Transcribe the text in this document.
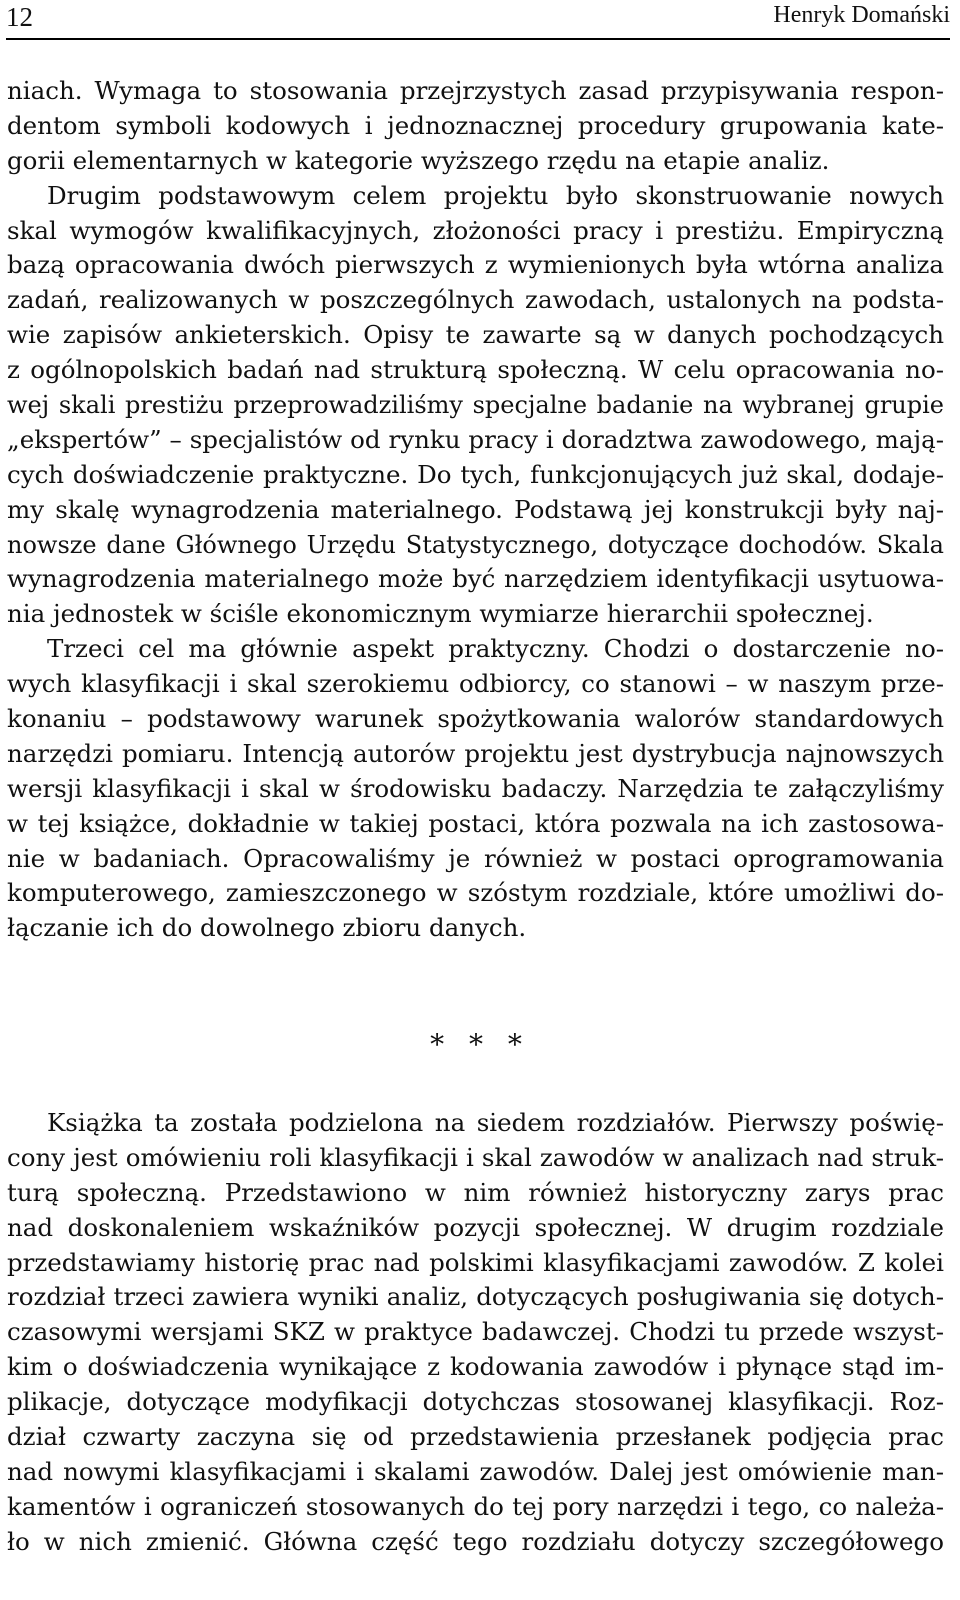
12	Henryk Domański
niach. Wymaga to stosowania przejrzystych zasad przypisywania respon-
dentom symboli kodowych i jednoznacznej procedury grupowania kate-
gorii elementarnych w kategorie wyższego rzędu na etapie analiz.
Drugim podstawowym celem projektu było skonstruowanie nowych
skal wymogów kwalifikacyjnych, złożoności pracy i prestiżu. Empiryczną
bazą opracowania dwóch pierwszych z wymienionych była wtórna analiza
zadań, realizowanych w poszczególnych zawodach, ustalonych na podsta-
wie zapisów ankieterskich. Opisy te zawarte są w danych pochodzących
z ogólnopolskich badań nad strukturą społeczną. W celu opracowania no-
wej skali prestiżu przeprowadziliśmy specjalne badanie na wybranej grupie
„ekspertów” – specjalistów od rynku pracy i doradztwa zawodowego, mają-
cych doświadczenie praktyczne. Do tych, funkcjonujących już skal, dodaje-
my skalę wynagrodzenia materialnego. Podstawą jej konstrukcji były naj-
nowsze dane Głównego Urzędu Statystycznego, dotyczące dochodów. Skala
wynagrodzenia materialnego może być narzędziem identyfikacji usytuowa-
nia jednostek w ściśle ekonomicznym wymiarze hierarchii społecznej.
Trzeci cel ma głównie aspekt praktyczny. Chodzi o dostarczenie no-
wych klasyfikacji i skal szerokiemu odbiorcy, co stanowi – w naszym prze-
konaniu – podstawowy warunek spożytkowania walorów standardowych
narzędzi pomiaru. Intencją autorów projektu jest dystrybucja najnowszych
wersji klasyfikacji i skal w środowisku badaczy. Narzędzia te załączyliśmy
w tej książce, dokładnie w takiej postaci, która pozwala na ich zastosowa-
nie w badaniach. Opracowaliśmy je również w postaci oprogramowania
komputerowego, zamieszczonego w szóstym rozdziale, które umożliwi do-
łączanie ich do dowolnego zbioru danych.
* * *
Książka ta została podzielona na siedem rozdziałów. Pierwszy poświę-
cony jest omówieniu roli klasyfikacji i skal zawodów w analizach nad struk-
turą społeczną. Przedstawiono w nim również historyczny zarys prac
nad doskonaleniem wskaźników pozycji społecznej. W drugim rozdziale
przedstawiamy historię prac nad polskimi klasyfikacjami zawodów. Z kolei
rozdział trzeci zawiera wyniki analiz, dotyczących posługiwania się dotych-
czasowymi wersjami SKZ w praktyce badawczej. Chodzi tu przede wszyst-
kim o doświadczenia wynikające z kodowania zawodów i płynące stąd im-
plikacje, dotyczące modyfikacji dotychczas stosowanej klasyfikacji. Roz-
dział czwarty zaczyna się od przedstawienia przesłanek podjęcia prac
nad nowymi klasyfikacjami i skalami zawodów. Dalej jest omówienie man-
kamentów i ograniczeń stosowanych do tej pory narzędzi i tego, co należa-
ło w nich zmienić. Główna część tego rozdziału dotyczy szczegółowego
